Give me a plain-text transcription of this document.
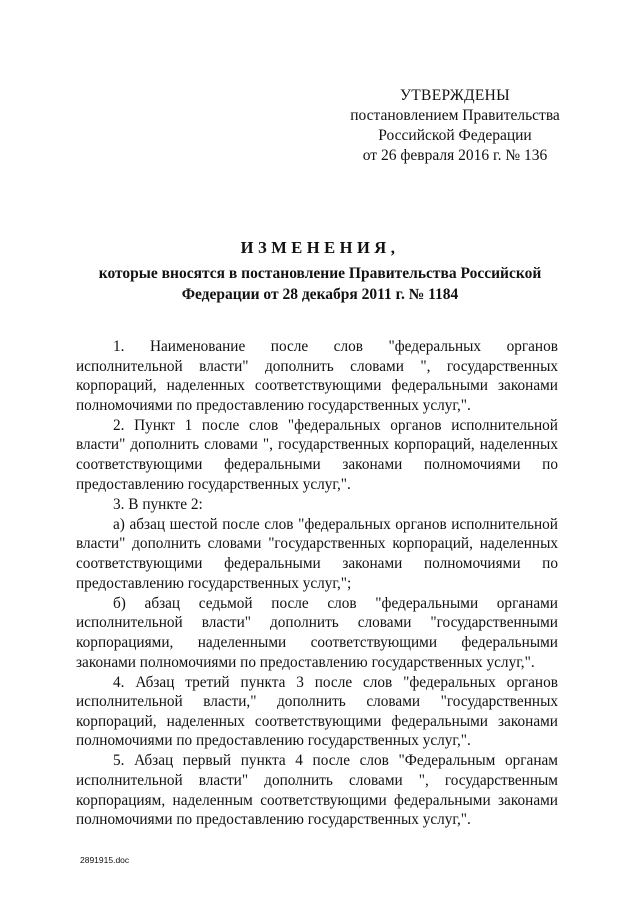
УТВЕРЖДЕНЫ
постановлением Правительства
Российской Федерации
от 26 февраля 2016 г. № 136
ИЗМЕНЕНИЯ,
которые вносятся в постановление Правительства Российской Федерации от 28 декабря 2011 г. № 1184

1. Наименование после слов "федеральных органов исполнительной власти" дополнить словами ", государственных корпораций, наделенных соответствующими федеральными законами полномочиями по предоставлению государственных услуг,".

2. Пункт 1 после слов "федеральных органов исполнительной власти" дополнить словами ", государственных корпораций, наделенных соответствующими федеральными законами полномочиями по предоставлению государственных услуг,".

3. В пункте 2:

а) абзац шестой после слов "федеральных органов исполнительной власти" дополнить словами "государственных корпораций, наделенных соответствующими федеральными законами полномочиями по предоставлению государственных услуг,";

б) абзац седьмой после слов "федеральными органами исполнительной власти" дополнить словами "государственными корпорациями, наделенными соответствующими федеральными законами полномочиями по предоставлению государственных услуг,".

4. Абзац третий пункта 3 после слов "федеральных органов исполнительной власти," дополнить словами "государственных корпораций, наделенных соответствующими федеральными законами полномочиями по предоставлению государственных услуг,".

5. Абзац первый пункта 4 после слов "Федеральным органам исполнительной власти" дополнить словами ", государственным корпорациям, наделенным соответствующими федеральными законами полномочиями по предоставлению государственных услуг,".

2891915.doc
